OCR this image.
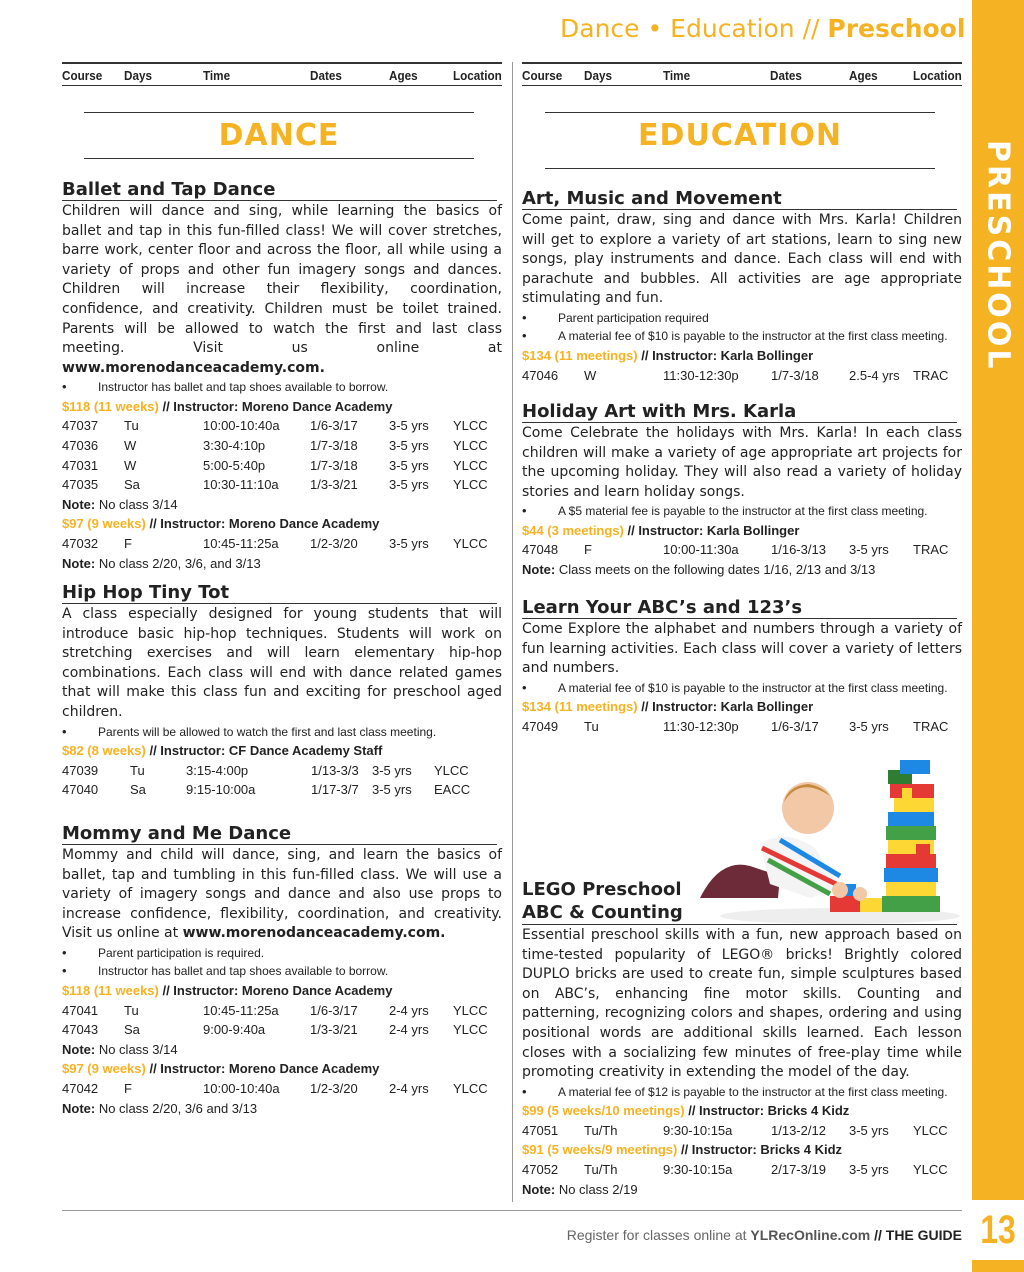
PRESCHOOL
13
Dance • Education // Preschool
Course Days	Time	Dates	Ages	Location Course Days	Time	Dates	Ages	Location
DANCE	EDUCATION
Ballet and Tap Dance
Children will dance and sing, while learning the basics of ballet and tap in this fun-filled class! We will cover stretches, barre work, center floor and across the floor, all while using a variety of props and other fun imagery songs and dances. Children will increase their flexibility, coordination, confidence, and creativity. Children must be toilet trained. Parents will be allowed to watch the first and last class meeting. Visit us online at www.morenodanceacademy.com.
• Instructor has ballet and tap shoes available to borrow.
$118 (11 weeks) // Instructor: Moreno Dance Academy
47037 Tu	10:00-10:40a 1/6-3/17 3-5 yrs YLCC
47036 W	3:30-4:10p	1/7-3/18 3-5 yrs YLCC
47031 W	5:00-5:40p	1/7-3/18 3-5 yrs YLCC
47035 Sa	10:30-11:10a 1/3-3/21 3-5 yrs YLCC
Note: No class 3/14
$97 (9 weeks) // Instructor: Moreno Dance Academy
47032 F	10:45-11:25a 1/2-3/20 3-5 yrs YLCC
Note: No class 2/20, 3/6, and 3/13
Hip Hop Tiny Tot
A class especially designed for young students that will introduce basic hip-hop techniques. Students will work on stretching exercises and will learn elementary hip-hop combinations. Each class will end with dance related games that will make this class fun and exciting for preschool aged children.
• Parents will be allowed to watch the first and last class meeting.
$82 (8 weeks) // Instructor: CF Dance Academy Staff
47039 Tu	3:15-4:00p	1/13-3/3 3-5 yrs YLCC
47040 Sa	9:15-10:00a	1/17-3/7 3-5 yrs EACC
Mommy and Me Dance
Mommy and child will dance, sing, and learn the basics of ballet, tap and tumbling in this fun-filled class. We will use a variety of imagery songs and dance and also use props to increase confidence, flexibility, coordination, and creativity. Visit us online at www.morenodanceacademy.com.
• Parent participation is required.
• Instructor has ballet and tap shoes available to borrow.
$118 (11 weeks) // Instructor: Moreno Dance Academy
47041 Tu	10:45-11:25a 1/6-3/17 2-4 yrs YLCC
47043 Sa	9:00-9:40a	1/3-3/21 2-4 yrs YLCC
Note: No class 3/14
$97 (9 weeks) // Instructor: Moreno Dance Academy
47042 F	10:00-10:40a 1/2-3/20 2-4 yrs YLCC
Note: No class 2/20, 3/6 and 3/13
Art, Music and Movement
Come paint, draw, sing and dance with Mrs. Karla! Children will get to explore a variety of art stations, learn to sing new songs, play instruments and dance. Each class will end with parachute and bubbles. All activities are age appropriate stimulating and fun.
• Parent participation required
• A material fee of $10 is payable to the instructor at the first class meeting.
$134 (11 meetings) // Instructor: Karla Bollinger
47046 W	11:30-12:30p 1/7-3/18 2.5-4 yrs TRAC
Holiday Art with Mrs. Karla
Come Celebrate the holidays with Mrs. Karla! In each class children will make a variety of age appropriate art projects for the upcoming holiday. They will also read a variety of holiday stories and learn holiday songs.
• A $5 material fee is payable to the instructor at the first class meeting.
$44 (3 meetings) // Instructor: Karla Bollinger
47048 F	10:00-11:30a 1/16-3/13 3-5 yrs TRAC
Note: Class meets on the following dates 1/16, 2/13 and 3/13
Learn Your ABC’s and 123’s
Come Explore the alphabet and numbers through a variety of fun learning activities. Each class will cover a variety of letters and numbers.
• A material fee of $10 is payable to the instructor at the first class meeting.
$134 (11 meetings) // Instructor: Karla Bollinger
47049 Tu	11:30-12:30p 1/6-3/17 3-5 yrs TRAC
LEGO Preschool
ABC & Counting
Essential preschool skills with a fun, new approach based on time-tested popularity of LEGO® bricks! Brightly colored DUPLO bricks are used to create fun, simple sculptures based on ABC’s, enhancing fine motor skills. Counting and patterning, recognizing colors and shapes, ordering and using positional words are additional skills learned. Each lesson closes with a socializing few minutes of free-play time while promoting creativity in extending the model of the day.
• A material fee of $12 is payable to the instructor at the first class meeting.
$99 (5 weeks/10 meetings) // Instructor: Bricks 4 Kidz
47051 Tu/Th	9:30-10:15a	1/13-2/12 3-5 yrs YLCC
$91 (5 weeks/9 meetings) // Instructor: Bricks 4 Kidz
47052 Tu/Th	9:30-10:15a	2/17-3/19 3-5 yrs YLCC
Note: No class 2/19
Register for classes online at YLRecOnline.com // THE GUIDE
